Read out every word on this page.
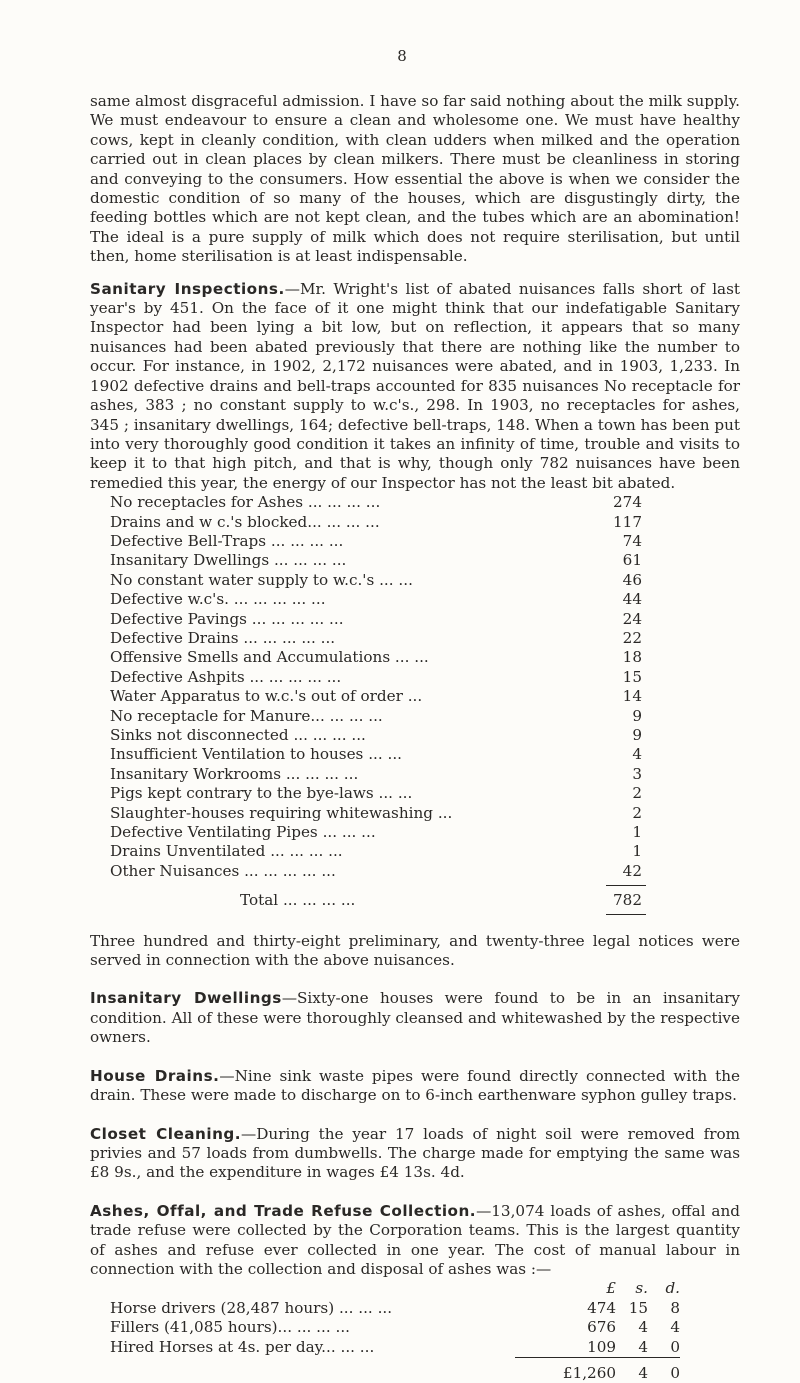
8

same almost disgraceful admission. I have so far said nothing about the milk supply. We must endeavour to ensure a clean and wholesome one. We must have healthy cows, kept in cleanly condition, with clean udders when milked and the operation carried out in clean places by clean milkers. There must be cleanliness in storing and conveying to the consumers. How essential the above is when we consider the domestic condition of so many of the houses, which are disgustingly dirty, the feeding bottles which are not kept clean, and the tubes which are an abomination! The ideal is a pure supply of milk which does not require sterilisation, but until then, home sterilisation is at least indispensable.

Sanitary Inspections.—Mr. Wright's list of abated nuisances falls short of last year's by 451. On the face of it one might think that our indefatigable Sanitary Inspector had been lying a bit low, but on reflection, it appears that so many nuisances had been abated previously that there are nothing like the number to occur. For instance, in 1902, 2,172 nuisances were abated, and in 1903, 1,233. In 1902 defective drains and bell-traps accounted for 835 nuisances No receptacle for ashes, 383 ; no constant supply to w.c's., 298. In 1903, no receptacles for ashes, 345 ; insanitary dwellings, 164; defective bell-traps, 148. When a town has been put into very thoroughly good condition it takes an infinity of time, trouble and visits to keep it to that high pitch, and that is why, though only 782 nuisances have been remedied this year, the energy of our Inspector has not the least bit abated.

No receptacles for Ashes ... ... ... ...	274
Drains and w c.'s blocked... ... ... ...	117
Defective Bell-Traps ... ... ... ...	74
Insanitary Dwellings ... ... ... ...	61
No constant water supply to w.c.'s ... ...	46
Defective w.c's. ... ... ... ... ...	44
Defective Pavings ... ... ... ... ...	24
Defective Drains ... ... ... ... ...	22
Offensive Smells and Accumulations ... ...	18
Defective Ashpits ... ... ... ... ...	15
Water Apparatus to w.c.'s out of order ...	14
No receptacle for Manure... ... ... ...	9
Sinks not disconnected ... ... ... ...	9
Insufficient Ventilation to houses ... ...	4
Insanitary Workrooms ... ... ... ...	3
Pigs kept contrary to the bye-laws ... ...	2
Slaughter-houses requiring whitewashing ...	2
Defective Ventilating Pipes ... ... ...	1
Drains Unventilated ... ... ... ...	1
Other Nuisances ... ... ... ... ...	42

Total ... ... ... ...	782

Three hundred and thirty-eight preliminary, and twenty-three legal notices were served in connection with the above nuisances.

Insanitary Dwellings—Sixty-one houses were found to be in an insanitary condition. All of these were thoroughly cleansed and whitewashed by the respective owners.

House Drains.—Nine sink waste pipes were found directly connected with the drain. These were made to discharge on to 6-inch earthenware syphon gulley traps.

Closet Cleaning.—During the year 17 loads of night soil were removed from privies and 57 loads from dumbwells. The charge made for emptying the same was £8 9s., and the expenditure in wages £4 13s. 4d.

Ashes, Offal, and Trade Refuse Collection.—13,074 loads of ashes, offal and trade refuse were collected by the Corporation teams. This is the largest quantity of ashes and refuse ever collected in one year. The cost of manual labour in connection with the collection and disposal of ashes was :—

	£	s.	d.
Horse drivers (28,487 hours) ... ... ...	474	15	8
Fillers (41,085 hours)... ... ... ...	676	4	4
Hired Horses at 4s. per day... ... ...	109	4	0
	£1,260	4	0
